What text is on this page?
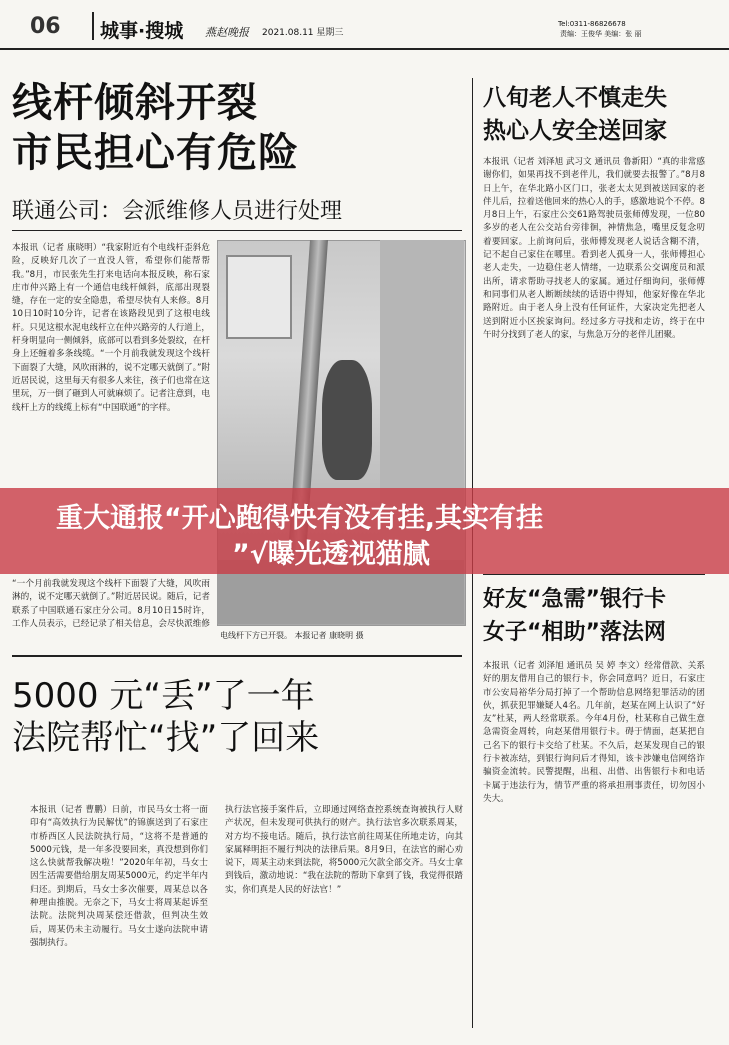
06 城事·搜城 燕赵晚报 2021.08.11 星期三
Tel:0311-86826678
责编：王俊华 美编：张 丽
线杆倾斜开裂
市民担心有危险
联通公司：会派维修人员进行处理
本报讯（记者 康晓明）“我家附近有个电线杆歪斜危险，反映好几次了一直没人管，希望你们能帮帮我。”8月，市民张先生打来电话向本报反映，称石家庄市仲兴路上有一个通信电线杆倾斜，底部出现裂缝，存在一定的安全隐患，希望尽快有人来修。8月10日10时10分许，记者在该路段见到了这根电线杆。只见这根水泥电线杆立在仲兴路旁的人行道上，杆身明显向一侧倾斜，底部可以看到多处裂纹，在杆身上还缠着多条线缆。“一个月前我就发现这个线杆下面裂了大缝，风吹雨淋的，说不定哪天就倒了。”附近居民说，这里每天有很多人来往，孩子们也常在这里玩，万一倒了砸到人可就麻烦了。记者注意到，电线杆上方的线缆上标有“中国联通”的字样。
“一个月前我就发现这个线杆下面裂了大缝，风吹雨淋的，说不定哪天就倒了。”附近居民说。随后，记者联系了中国联通石家庄分公司。8月10日15时许，工作人员表示，已经记录了相关信息，会尽快派维修
电线杆下方已开裂。 本报记者 康晓明 摄
5000 元“丢”了一年
法院帮忙“找”了回来
本报讯（记者 曹鹏）日前，市民马女士将一面印有“高效执行为民解忧”的锦旗送到了石家庄市桥西区人民法院执行局，“这将不是普通的5000元钱，是一年多没要回来，真没想到你们这么快就帮我解决啦！”2020年年初，马女士因生活需要借给朋友周某5000元，约定半年内归还。到期后，马女士多次催要，周某总以各种理由推脱。无奈之下，马女士将周某起诉至法院。法院判决周某偿还借款，但判决生效后，周某仍未主动履行。马女士遂向法院申请强制执行。
执行法官接手案件后，立即通过网络查控系统查询被执行人财产状况，但未发现可供执行的财产。执行法官多次联系周某，对方均不接电话。随后，执行法官前往周某住所地走访，向其家属释明拒不履行判决的法律后果。8月9日，在法官的耐心劝说下，周某主动来到法院，将5000元欠款全部交齐。马女士拿到钱后，激动地说：“我在法院的帮助下拿到了钱，我觉得很踏实，你们真是人民的好法官！”
八旬老人不慎走失
热心人安全送回家
本报讯（记者 刘泽旭 武习文 通讯员 鲁新阳）“真的非常感谢你们，如果再找不到老伴儿，我们就要去报警了。”8月8日上午，在华北路小区门口，张老太太见到被送回家的老伴儿后，拉着送他回来的热心人的手，感激地说个不停。8月8日上午，石家庄公交61路驾驶员张师傅发现，一位80多岁的老人在公交站台旁徘徊，神情焦急，嘴里反复念叨着要回家。上前询问后，张师傅发现老人说话含糊不清，记不起自己家住在哪里。看到老人孤身一人，张师傅担心老人走失，一边稳住老人情绪，一边联系公交调度员和派出所，请求帮助寻找老人的家属。通过仔细询问，张师傅和同事们从老人断断续续的话语中得知，他家好像在华北路附近。由于老人身上没有任何证件，大家决定先把老人送到附近小区挨家询问。经过多方寻找和走访，终于在中午时分找到了老人的家，与焦急万分的老伴儿团聚。
好友“急需”银行卡
女子“相助”落法网
本报讯（记者 刘泽旭 通讯员 吴 婷 李文）经常借款、关系好的朋友借用自己的银行卡，你会同意吗？近日，石家庄市公安局裕华分局打掉了一个帮助信息网络犯罪活动的团伙，抓获犯罪嫌疑人4名。几年前，赵某在网上认识了“好友”杜某，两人经常联系。今年4月份，杜某称自己做生意急需资金周转，向赵某借用银行卡。碍于情面，赵某把自己名下的银行卡交给了杜某。不久后，赵某发现自己的银行卡被冻结，到银行询问后才得知，该卡涉嫌电信网络诈骗资金流转。民警提醒，出租、出借、出售银行卡和电话卡属于违法行为，情节严重的将承担刑事责任，切勿因小失大。
重大通报“开心跑得快有没有挂,其实有挂
”√曝光透视猫腻
